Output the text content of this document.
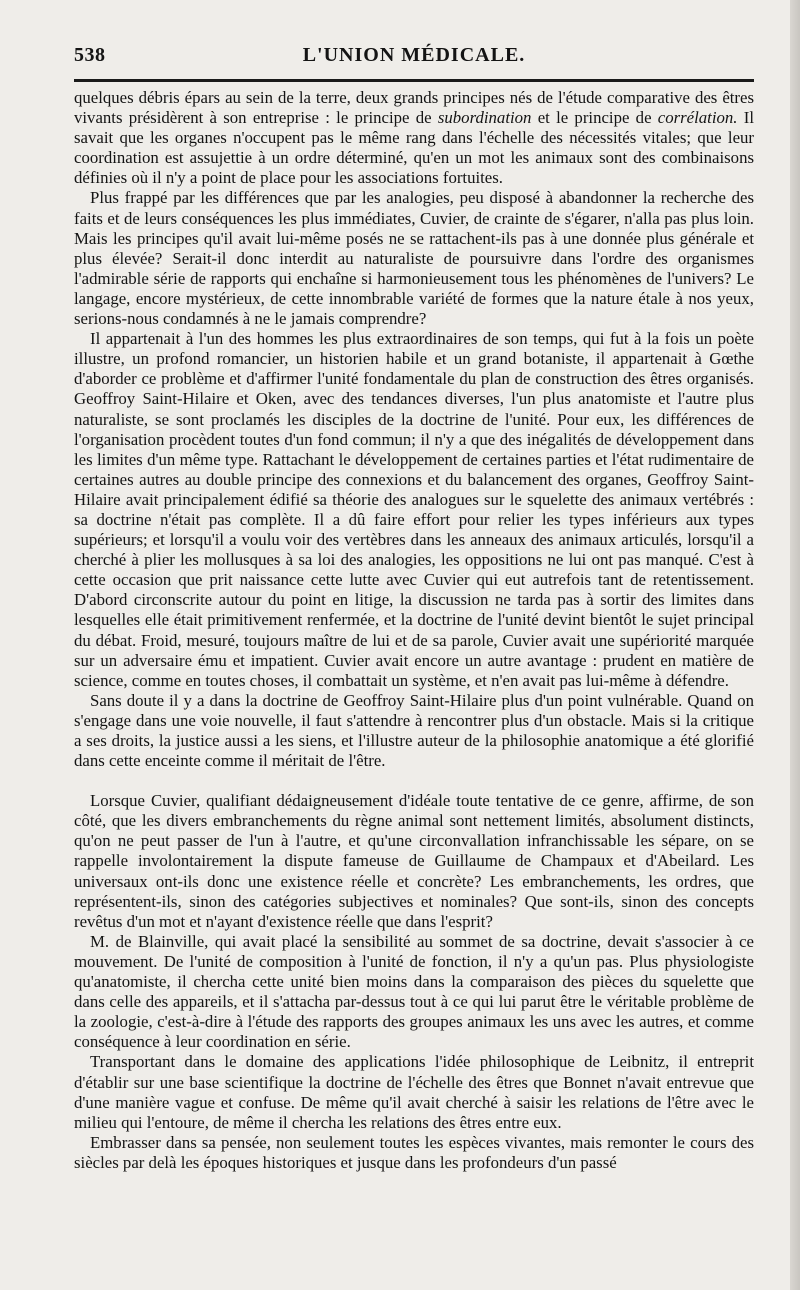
538	L'UNION MÉDICALE.

quelques débris épars au sein de la terre, deux grands principes nés de l'étude comparative des êtres vivants présidèrent à son entreprise : le principe de subordination et le principe de corrélation. Il savait que les organes n'occupent pas le même rang dans l'échelle des nécessités vitales; que leur coordination est assujettie à un ordre déterminé, qu'en un mot les animaux sont des combinaisons définies où il n'y a point de place pour les associations fortuites.

Plus frappé par les différences que par les analogies, peu disposé à abandonner la recherche des faits et de leurs conséquences les plus immédiates, Cuvier, de crainte de s'égarer, n'alla pas plus loin. Mais les principes qu'il avait lui-même posés ne se rattachent-ils pas à une donnée plus générale et plus élevée? Serait-il donc interdit au naturaliste de poursuivre dans l'ordre des organismes l'admirable série de rapports qui enchaîne si harmonieusement tous les phénomènes de l'univers? Le langage, encore mystérieux, de cette innombrable variété de formes que la nature étale à nos yeux, serions-nous condamnés à ne le jamais comprendre?

Il appartenait à l'un des hommes les plus extraordinaires de son temps, qui fut à la fois un poète illustre, un profond romancier, un historien habile et un grand botaniste, il appartenait à Gœthe d'aborder ce problème et d'affirmer l'unité fondamentale du plan de construction des êtres organisés. Geoffroy Saint-Hilaire et Oken, avec des tendances diverses, l'un plus anatomiste et l'autre plus naturaliste, se sont proclamés les disciples de la doctrine de l'unité. Pour eux, les différences de l'organisation procèdent toutes d'un fond commun; il n'y a que des inégalités de développement dans les limites d'un même type. Rattachant le développement de certaines parties et l'état rudimentaire de certaines autres au double principe des connexions et du balancement des organes, Geoffroy Saint-Hilaire avait principalement édifié sa théorie des analogues sur le squelette des animaux vertébrés : sa doctrine n'était pas complète. Il a dû faire effort pour relier les types inférieurs aux types supérieurs; et lorsqu'il a voulu voir des vertèbres dans les anneaux des animaux articulés, lorsqu'il a cherché à plier les mollusques à sa loi des analogies, les oppositions ne lui ont pas manqué. C'est à cette occasion que prit naissance cette lutte avec Cuvier qui eut autrefois tant de retentissement. D'abord circonscrite autour du point en litige, la discussion ne tarda pas à sortir des limites dans lesquelles elle était primitivement renfermée, et la doctrine de l'unité devint bientôt le sujet principal du débat. Froid, mesuré, toujours maître de lui et de sa parole, Cuvier avait une supériorité marquée sur un adversaire ému et impatient. Cuvier avait encore un autre avantage : prudent en matière de science, comme en toutes choses, il combattait un système, et n'en avait pas lui-même à défendre.

Sans doute il y a dans la doctrine de Geoffroy Saint-Hilaire plus d'un point vulnérable. Quand on s'engage dans une voie nouvelle, il faut s'attendre à rencontrer plus d'un obstacle. Mais si la critique a ses droits, la justice aussi a les siens, et l'illustre auteur de la philosophie anatomique a été glorifié dans cette enceinte comme il méritait de l'être.

Lorsque Cuvier, qualifiant dédaigneusement d'idéale toute tentative de ce genre, affirme, de son côté, que les divers embranchements du règne animal sont nettement limités, absolument distincts, qu'on ne peut passer de l'un à l'autre, et qu'une circonvallation infranchissable les sépare, on se rappelle involontairement la dispute fameuse de Guillaume de Champaux et d'Abeilard. Les universaux ont-ils donc une existence réelle et concrète? Les embranchements, les ordres, que représentent-ils, sinon des catégories subjectives et nominales? Que sont-ils, sinon des concepts revêtus d'un mot et n'ayant d'existence réelle que dans l'esprit?

M. de Blainville, qui avait placé la sensibilité au sommet de sa doctrine, devait s'associer à ce mouvement. De l'unité de composition à l'unité de fonction, il n'y a qu'un pas. Plus physiologiste qu'anatomiste, il chercha cette unité bien moins dans la comparaison des pièces du squelette que dans celle des appareils, et il s'attacha par-dessus tout à ce qui lui parut être le véritable problème de la zoologie, c'est-à-dire à l'étude des rapports des groupes animaux les uns avec les autres, et comme conséquence à leur coordination en série.

Transportant dans le domaine des applications l'idée philosophique de Leibnitz, il entreprit d'établir sur une base scientifique la doctrine de l'échelle des êtres que Bonnet n'avait entrevue que d'une manière vague et confuse. De même qu'il avait cherché à saisir les relations de l'être avec le milieu qui l'entoure, de même il chercha les relations des êtres entre eux.

Embrasser dans sa pensée, non seulement toutes les espèces vivantes, mais remonter le cours des siècles par delà les époques historiques et jusque dans les profondeurs d'un passé
